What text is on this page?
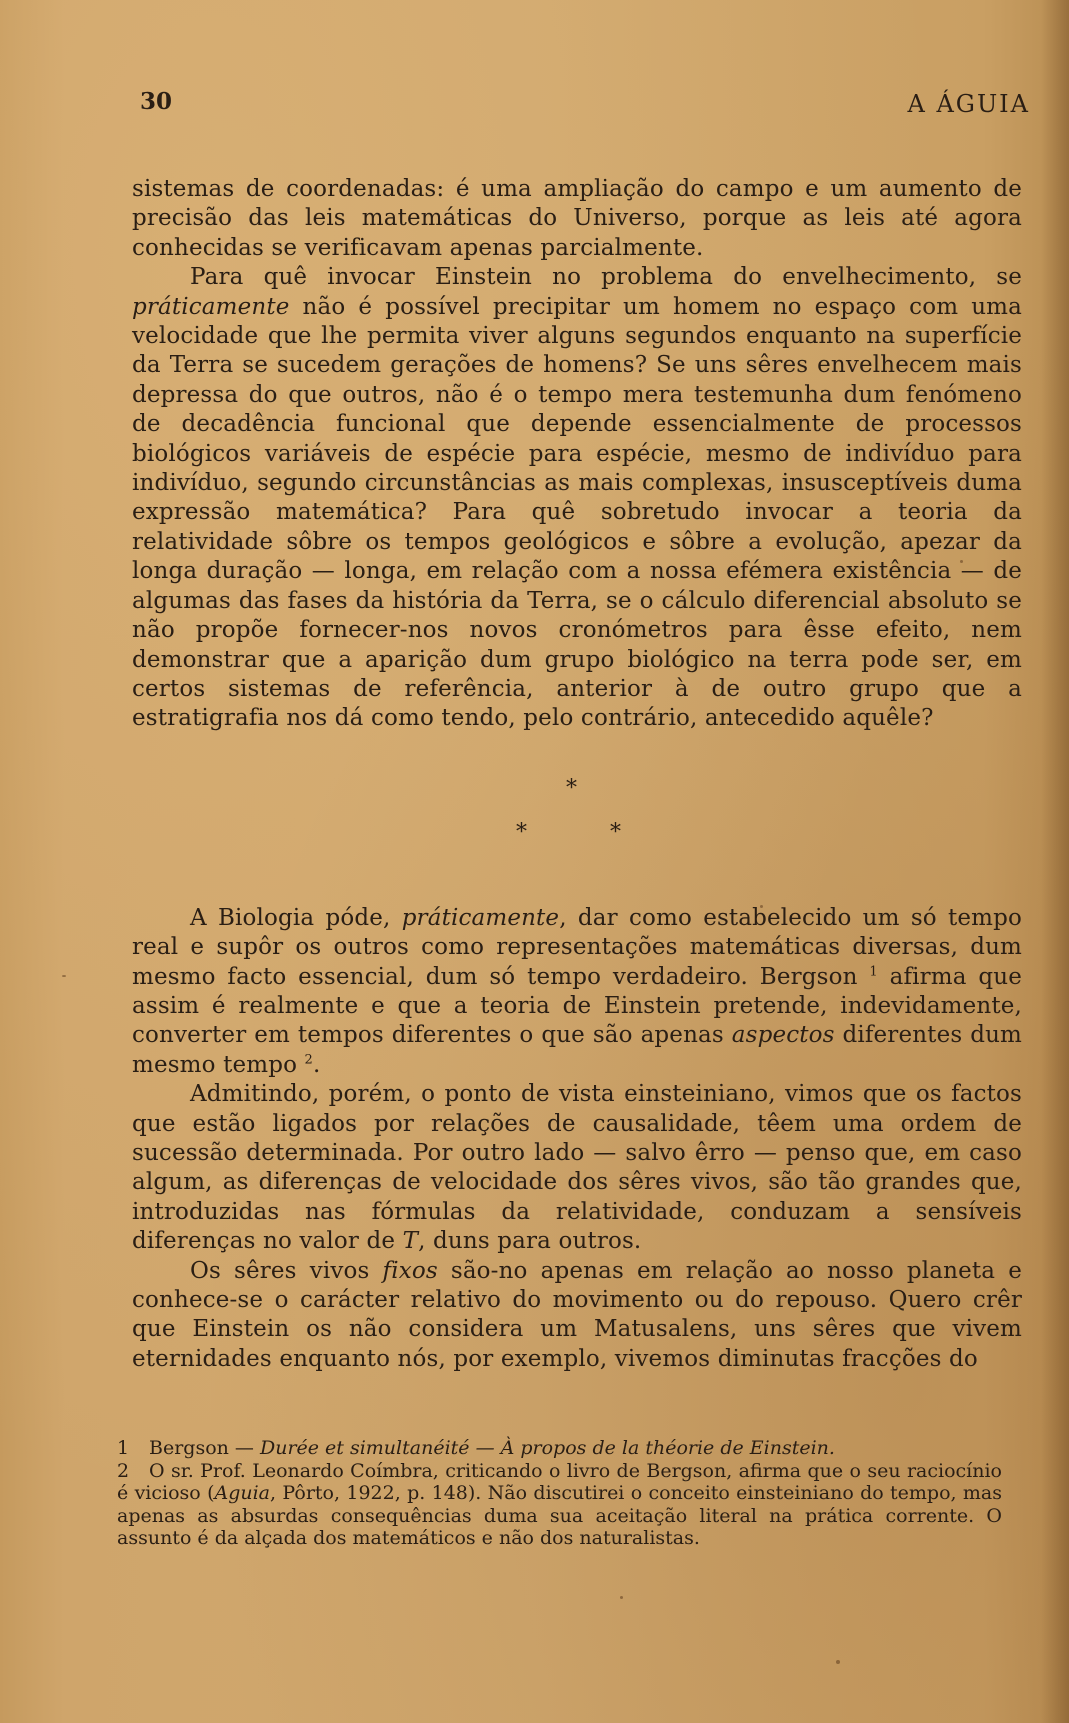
30	A ÁGUIA

sistemas de coordenadas: é uma ampliação do campo e um aumento de precisão das leis matemáticas do Universo, porque as leis até agora conhecidas se verificavam apenas parcialmente.

Para quê invocar Einstein no problema do envelhecimento, se práticamente não é possível precipitar um homem no espaço com uma velocidade que lhe permita viver alguns segundos enquanto na superfície da Terra se sucedem gerações de homens? Se uns sêres envelhecem mais depressa do que outros, não é o tempo mera testemunha dum fenómeno de decadência funcional que depende essencialmente de processos biológicos variáveis de espécie para espécie, mesmo de indivíduo para indivíduo, segundo circunstâncias as mais complexas, insusceptíveis duma expressão matemática? Para quê sobretudo invocar a teoria da relatividade sôbre os tempos geológicos e sôbre a evolução, apezar da longa duração — longa, em relação com a nossa efémera existência — de algumas das fases da história da Terra, se o cálculo diferencial absoluto se não propõe fornecer-nos novos cronómetros para êsse efeito, nem demonstrar que a aparição dum grupo biológico na terra pode ser, em certos sistemas de referência, anterior à de outro grupo que a estratigrafia nos dá como tendo, pelo contrário, antecedido aquêle?

*
*	*

A Biologia póde, práticamente, dar como estabelecido um só tempo real e supôr os outros como representações matemáticas diversas, dum mesmo facto essencial, dum só tempo verdadeiro. Bergson $^1$ afirma que assim é realmente e que a teoria de Einstein pretende, indevidamente, converter em tempos diferentes o que são apenas aspectos diferentes dum mesmo tempo $^2$.

Admitindo, porém, o ponto de vista einsteiniano, vimos que os factos que estão ligados por relações de causalidade, têem uma ordem de sucessão determinada. Por outro lado — salvo êrro — penso que, em caso algum, as diferenças de velocidade dos sêres vivos, são tão grandes que, introduzidas nas fórmulas da relatividade, conduzam a sensíveis diferenças no valor de T, duns para outros.

Os sêres vivos fixos são-no apenas em relação ao nosso planeta e conhece-se o carácter relativo do movimento ou do repouso. Quero crêr que Einstein os não considera um Matusalens, uns sêres que vivem eternidades enquanto nós, por exemplo, vivemos diminutas fracções do

1 Bergson — Durée et simultanéité — À propos de la théorie de Einstein.

2 O sr. Prof. Leonardo Coímbra, criticando o livro de Bergson, afirma que o seu raciocínio é vicioso (Aguia, Pôrto, 1922, p. 148). Não discutirei o conceito einsteiniano do tempo, mas apenas as absurdas consequências duma sua aceitação literal na prática corrente. O assunto é da alçada dos matemáticos e não dos naturalistas.
